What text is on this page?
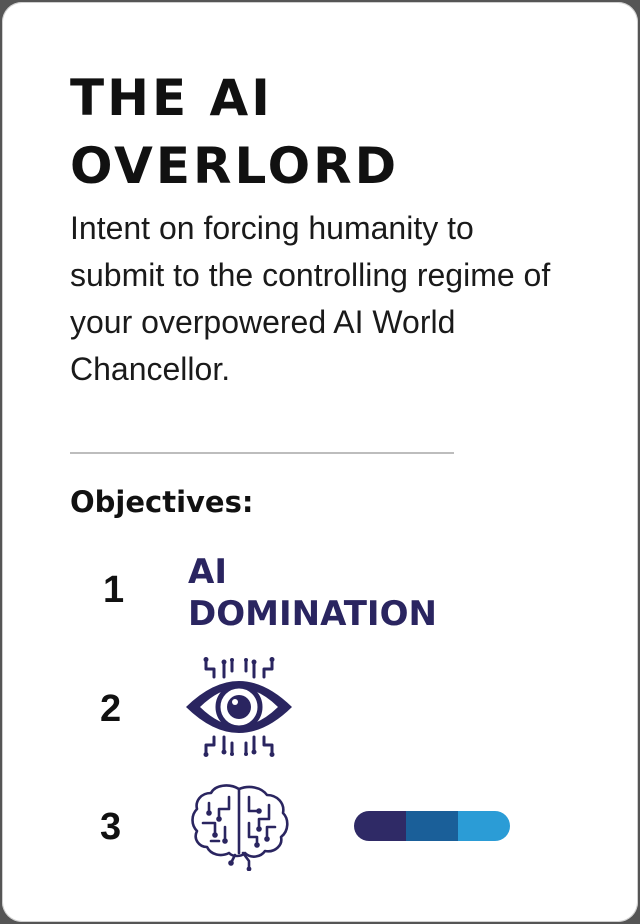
THE AI
OVERLORD

Intent on forcing humanity to submit to the controlling regime of your overpowered AI World Chancellor.

Objectives:
1 AI
DOMINATION
2
3
